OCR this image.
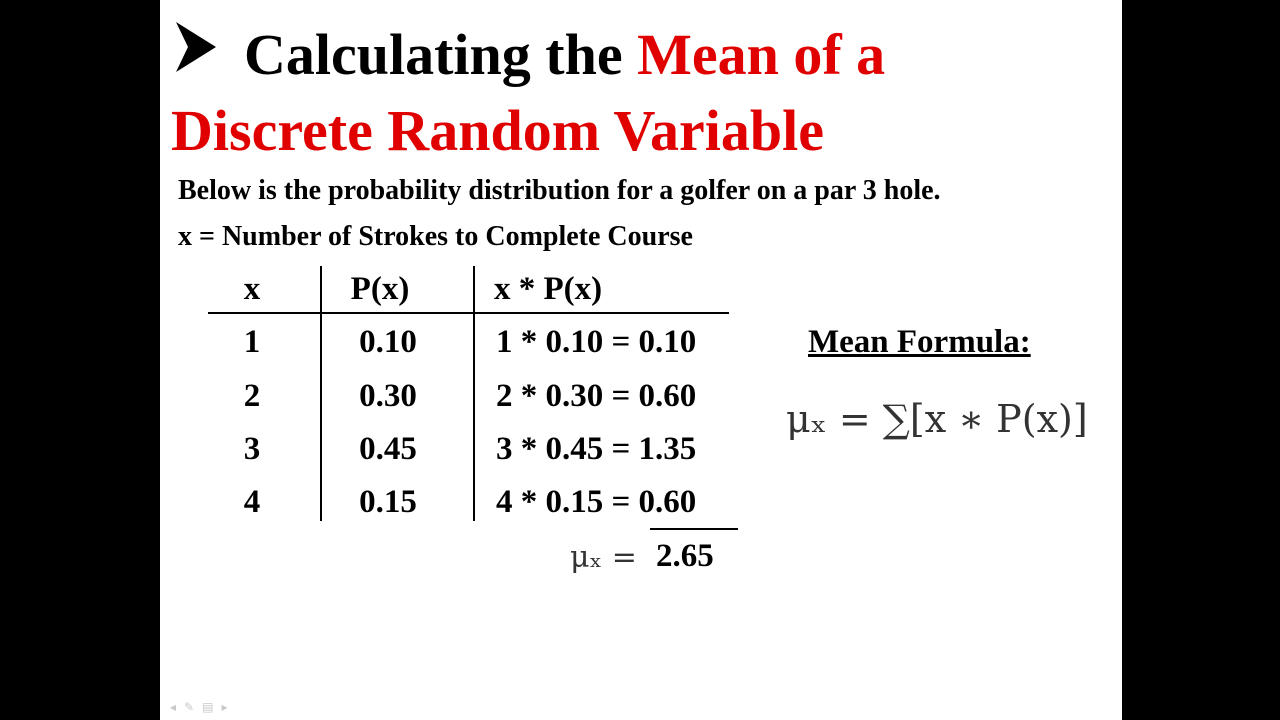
Calculating the Mean of a
Discrete Random Variable
Below is the probability distribution for a golfer on a par 3 hole.
x = Number of Strokes to Complete Course
x	P(x)	x * P(x)
1	0.10	1 * 0.10 = 0.10
2	0.30	2 * 0.30 = 0.60
3	0.45	3 * 0.45 = 1.35
4	0.15	4 * 0.15 = 0.60
μₓ = 2.65
Mean Formula:
μₓ = ∑[x ∗ P(x)]
◂✎▤▸
